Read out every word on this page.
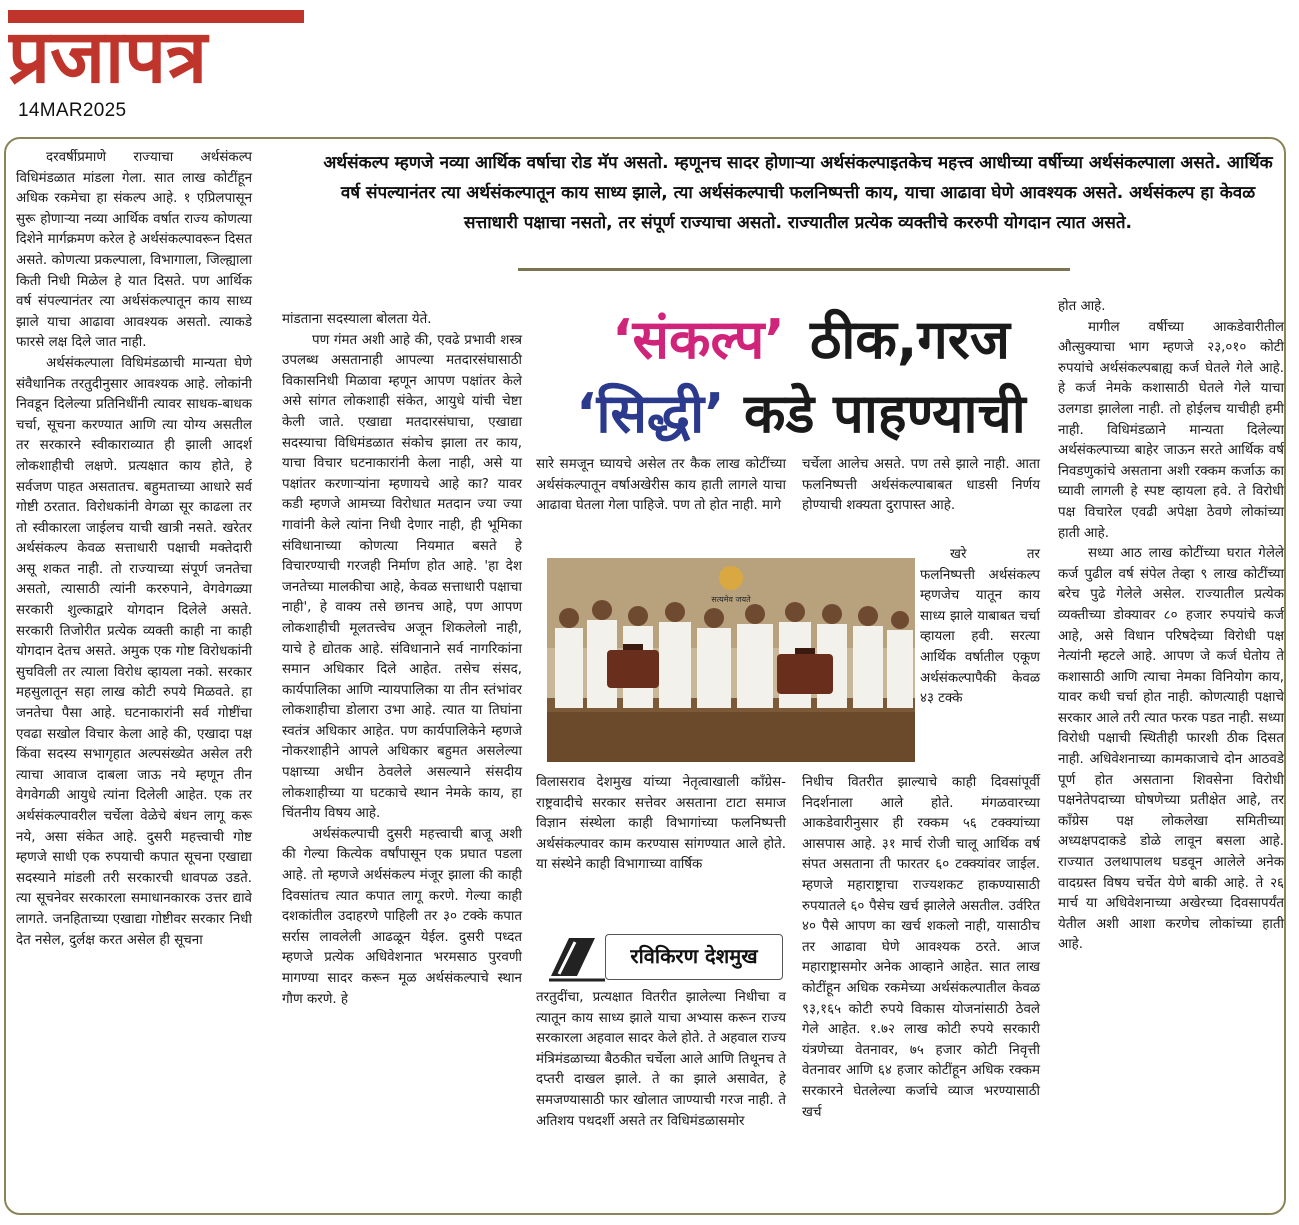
प्रजापत्र
14MAR2025
अर्थसंकल्प म्हणजे नव्या आर्थिक वर्षाचा रोड मॅप असतो. म्हणूनच सादर होणाऱ्या अर्थसंकल्पाइतकेच महत्त्व आधीच्या वर्षीच्या अर्थसंकल्पाला असते. आर्थिक वर्ष संपल्यानंतर त्या अर्थसंकल्पातून काय साध्य झाले, त्या अर्थसंकल्पाची फलनिष्पत्ती काय, याचा आढावा घेणे आवश्यक असते. अर्थसंकल्प हा केवळ सत्ताधारी पक्षाचा नसतो, तर संपूर्ण राज्याचा असतो. राज्यातील प्रत्येक व्यक्तीचे कररुपी योगदान त्यात असते.

दरवर्षीप्रमाणे राज्याचा अर्थसंकल्प विधिमंडळात मांडला गेला. सात लाख कोटींहून अधिक रकमेचा हा संकल्प आहे. १ एप्रिलपासून सुरू होणाऱ्या नव्या आर्थिक वर्षात राज्य कोणत्या दिशेने मार्गक्रमण करेल हे अर्थसंकल्पावरून दिसत असते. कोणत्या प्रकल्पाला, विभागाला, जिल्ह्याला किती निधी मिळेल हे यात दिसते. पण आर्थिक वर्ष संपल्यानंतर त्या अर्थसंकल्पातून काय साध्य झाले याचा आढावा आवश्यक असतो. त्याकडे फारसे लक्ष दिले जात नाही.

अर्थसंकल्पाला विधिमंडळाची मान्यता घेणे संवैधानिक तरतुदीनुसार आवश्यक आहे. लोकांनी निवडून दिलेल्या प्रतिनिधींनी त्यावर साधक-बाधक चर्चा, सूचना करण्यात आणि त्या योग्य असतील तर सरकारने स्वीकाराव्यात ही झाली आदर्श लोकशाहीची लक्षणे. प्रत्यक्षात काय होते, हे सर्वजण पाहत असतातच. बहुमताच्या आधारे सर्व गोष्टी ठरतात. विरोधकांनी वेगळा सूर काढला तर तो स्वीकारला जाईलच याची खात्री नसते. खरेतर अर्थसंकल्प केवळ सत्ताधारी पक्षाची मक्तेदारी असू शकत नाही. तो राज्याच्या संपूर्ण जनतेचा असतो, त्यासाठी त्यांनी कररुपाने, वेगवेगळ्या सरकारी शुल्काद्वारे योगदान दिलेले असते. सरकारी तिजोरीत प्रत्येक व्यक्ती काही ना काही योगदान देतच असते. अमुक एक गोष्ट विरोधकांनी सुचविली तर त्याला विरोध व्हायला नको. सरकार महसुलातून सहा लाख कोटी रुपये मिळवते. हा जनतेचा पैसा आहे. घटनाकारांनी सर्व गोष्टींचा एवढा सखोल विचार केला आहे की, एखादा पक्ष किंवा सदस्य सभागृहात अल्पसंख्येत असेल तरी त्याचा आवाज दाबला जाऊ नये म्हणून तीन वेगवेगळी आयुधे त्यांना दिलेली आहेत. एक तर अर्थसंकल्पावरील चर्चेला वेळेचे बंधन लागू करू नये, असा संकेत आहे. दुसरी महत्त्वाची गोष्ट म्हणजे साधी एक रुपयाची कपात सूचना एखाद्या सदस्याने मांडली तरी सरकारची धावपळ उडते. त्या सूचनेवर सरकारला समाधानकारक उत्तर द्यावे लागते. जनहिताच्या एखाद्या गोष्टीवर सरकार निधी देत नसेल, दुर्लक्ष करत असेल ही सूचना

मांडताना सदस्याला बोलता येते.

पण गंमत अशी आहे की, एवढे प्रभावी शस्त्र उपलब्ध असतानाही आपल्या मतदारसंघासाठी विकासनिधी मिळावा म्हणून आपण पक्षांतर केले असे सांगत लोकशाही संकेत, आयुधे यांची चेष्टा केली जाते. एखाद्या मतदारसंघाचा, एखाद्या सदस्याचा विधिमंडळात संकोच झाला तर काय, याचा विचार घटनाकारांनी केला नाही, असे या पक्षांतर करणाऱ्यांना म्हणायचे आहे का? यावर कडी म्हणजे आमच्या विरोधात मतदान ज्या ज्या गावांनी केले त्यांना निधी देणार नाही, ही भूमिका संविधानाच्या कोणत्या नियमात बसते हे विचारण्याची गरजही निर्माण होत आहे. 'हा देश जनतेच्या मालकीचा आहे, केवळ सत्ताधारी पक्षाचा नाही', हे वाक्य तसे छानच आहे, पण आपण लोकशाहीची मूलतत्त्वेच अजून शिकलेलो नाही, याचे हे द्योतक आहे. संविधानाने सर्व नागरिकांना समान अधिकार दिले आहेत. तसेच संसद, कार्यपालिका आणि न्यायपालिका या तीन स्तंभांवर लोकशाहीचा डोलारा उभा आहे. त्यात या तिघांना स्वतंत्र अधिकार आहेत. पण कार्यपालिकेने म्हणजे नोकरशाहीने आपले अधिकार बहुमत असलेल्या पक्षाच्या अधीन ठेवलेले असल्याने संसदीय लोकशाहीच्या या घटकाचे स्थान नेमके काय, हा चिंतनीय विषय आहे.

अर्थसंकल्पाची दुसरी महत्त्वाची बाजू अशी की गेल्या कित्येक वर्षांपासून एक प्रघात पडला आहे. तो म्हणजे अर्थसंकल्प मंजूर झाला की काही दिवसांतच त्यात कपात लागू करणे. गेल्या काही दशकांतील उदाहरणे पाहिली तर ३० टक्के कपात सर्रास लावलेली आढळून येईल. दुसरी पध्दत म्हणजे प्रत्येक अधिवेशनात भरमसाठ पुरवणी मागण्या सादर करून मूळ अर्थसंकल्पाचे स्थान गौण करणे. हे

‘संकल्प’ ठीक,गरज
‘सिद्धी’ कडे पाहण्याची

सारे समजून घ्यायचे असेल तर कैक लाख कोटींच्या अर्थसंकल्पातून वर्षाअखेरीस काय हाती लागले याचा आढावा घेतला गेला पाहिजे. पण तो होत नाही. मागे

सत्यमेव जयते

विलासराव देशमुख यांच्या नेतृत्वाखाली काँग्रेस-राष्ट्रवादीचे सरकार सत्तेवर असताना टाटा समाज विज्ञान संस्थेला काही विभागांच्या फलनिष्पत्ती अर्थसंकल्पावर काम करण्यास सांगण्यात आले होते. या संस्थेने काही विभागाच्या वार्षिक

रविकिरण देशमुख

तरतुदींचा, प्रत्यक्षात वितरीत झालेल्या निधीचा व त्यातून काय साध्य झाले याचा अभ्यास करून राज्य सरकारला अहवाल सादर केले होते. ते अहवाल राज्य मंत्रिमंडळाच्या बैठकीत चर्चेला आले आणि तिथूनच ते दप्तरी दाखल झाले. ते का झाले असावेत, हे समजण्यासाठी फार खोलात जाण्याची गरज नाही. ते अतिशय पथदर्शी असते तर विधिमंडळासमोर

चर्चेला आलेच असते. पण तसे झाले नाही. आता फलनिष्पत्ती अर्थसंकल्पाबाबत धाडसी निर्णय होण्याची शक्यता दुरापास्त आहे.

खरे तर फलनिष्पत्ती अर्थसंकल्प म्हणजेच यातून काय साध्य झाले याबाबत चर्चा व्हायला हवी. सरत्या आर्थिक वर्षातील एकूण अर्थसंकल्पापैकी केवळ ४३ टक्के

निधीच वितरीत झाल्याचे काही दिवसांपूर्वी निदर्शनाला आले होते. मंगळवारच्या आकडेवारीनुसार ही रक्कम ५६ टक्क्यांच्या आसपास आहे. ३१ मार्च रोजी चालू आर्थिक वर्ष संपत असताना ती फारतर ६० टक्क्यांवर जाईल. म्हणजे महाराष्ट्राचा राज्यशकट हाकण्यासाठी रुपयातले ६० पैसेच खर्च झालेले असतील. उर्वरित ४० पैसे आपण का खर्च शकलो नाही, यासाठीच तर आढावा घेणे आवश्यक ठरते. आज महाराष्ट्रासमोर अनेक आव्हाने आहेत. सात लाख कोटींहून अधिक रकमेच्या अर्थसंकल्पातील केवळ ९३,१६५ कोटी रुपये विकास योजनांसाठी ठेवले गेले आहेत. १.७२ लाख कोटी रुपये सरकारी यंत्रणेच्या वेतनावर, ७५ हजार कोटी निवृत्ती वेतनावर आणि ६४ हजार कोटींहून अधिक रक्कम सरकारने घेतलेल्या कर्जाचे व्याज भरण्यासाठी खर्च

होत आहे.

मागील वर्षीच्या आकडेवारीतील औत्सुक्याचा भाग म्हणजे २३,०१० कोटी रुपयांचे अर्थसंकल्पबाह्य कर्ज घेतले गेले आहे. हे कर्ज नेमके कशासाठी घेतले गेले याचा उलगडा झालेला नाही. तो होईलच याचीही हमी नाही. विधिमंडळाने मान्यता दिलेल्या अर्थसंकल्पाच्या बाहेर जाऊन सरते आर्थिक वर्ष निवडणुकांचे असताना अशी रक्कम कर्जाऊ का घ्यावी लागली हे स्पष्ट व्हायला हवे. ते विरोधी पक्ष विचारेल एवढी अपेक्षा ठेवणे लोकांच्या हाती आहे.

सध्या आठ लाख कोटींच्या घरात गेलेले कर्ज पुढील वर्ष संपेल तेव्हा ९ लाख कोटींच्या बरेच पुढे गेलेले असेल. राज्यातील प्रत्येक व्यक्तीच्या डोक्यावर ८० हजार रुपयांचे कर्ज आहे, असे विधान परिषदेच्या विरोधी पक्ष नेत्यांनी म्हटले आहे. आपण जे कर्ज घेतोय ते कशासाठी आणि त्याचा नेमका विनियोग काय, यावर कधी चर्चा होत नाही. कोणत्याही पक्षाचे सरकार आले तरी त्यात फरक पडत नाही. सध्या विरोधी पक्षाची स्थितीही फारशी ठीक दिसत नाही. अधिवेशनाच्या कामकाजाचे दोन आठवडे पूर्ण होत असताना शिवसेना विरोधी पक्षनेतेपदाच्या घोषणेच्या प्रतीक्षेत आहे, तर काँग्रेस पक्ष लोकलेखा समितीच्या अध्यक्षपदाकडे डोळे लावून बसला आहे. राज्यात उलथापालथ घडवून आलेले अनेक वादग्रस्त विषय चर्चेत येणे बाकी आहे. ते २६ मार्च या अधिवेशनाच्या अखेरच्या दिवसापर्यंत येतील अशी आशा करणेच लोकांच्या हाती आहे.
